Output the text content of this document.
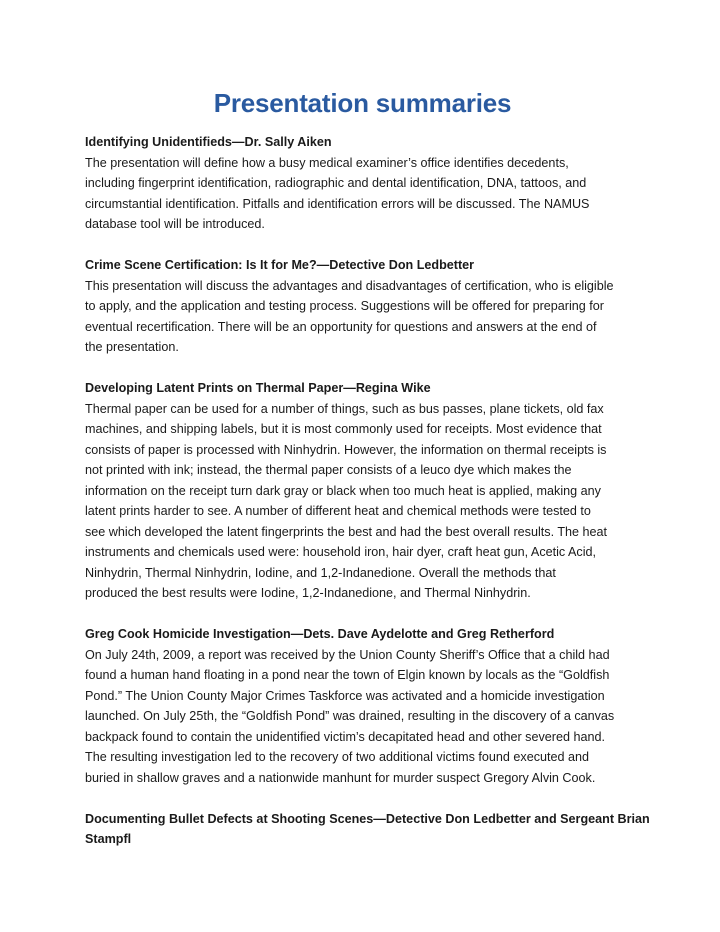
Presentation summaries
Identifying Unidentifieds—Dr. Sally Aiken
The presentation will define how a busy medical examiner’s office identifies decedents,
including fingerprint identification, radiographic and dental identification, DNA, tattoos, and
circumstantial identification. Pitfalls and identification errors will be discussed. The NAMUS
database tool will be introduced.
Crime Scene Certification: Is It for Me?—Detective Don Ledbetter
This presentation will discuss the advantages and disadvantages of certification, who is eligible
to apply, and the application and testing process. Suggestions will be offered for preparing for
eventual recertification. There will be an opportunity for questions and answers at the end of
the presentation.
Developing Latent Prints on Thermal Paper—Regina Wike
Thermal paper can be used for a number of things, such as bus passes, plane tickets, old fax
machines, and shipping labels, but it is most commonly used for receipts. Most evidence that
consists of paper is processed with Ninhydrin. However, the information on thermal receipts is
not printed with ink; instead, the thermal paper consists of a leuco dye which makes the
information on the receipt turn dark gray or black when too much heat is applied, making any
latent prints harder to see. A number of different heat and chemical methods were tested to
see which developed the latent fingerprints the best and had the best overall results. The heat
instruments and chemicals used were: household iron, hair dyer, craft heat gun, Acetic Acid,
Ninhydrin, Thermal Ninhydrin, Iodine, and 1,2-Indanedione. Overall the methods that
produced the best results were Iodine, 1,2-Indanedione, and Thermal Ninhydrin.
Greg Cook Homicide Investigation—Dets. Dave Aydelotte and Greg Retherford
On July 24th, 2009, a report was received by the Union County Sheriff’s Office that a child had
found a human hand floating in a pond near the town of Elgin known by locals as the “Goldfish
Pond.” The Union County Major Crimes Taskforce was activated and a homicide investigation
launched. On July 25th, the “Goldfish Pond” was drained, resulting in the discovery of a canvas
backpack found to contain the unidentified victim’s decapitated head and other severed hand.
The resulting investigation led to the recovery of two additional victims found executed and
buried in shallow graves and a nationwide manhunt for murder suspect Gregory Alvin Cook.
Documenting Bullet Defects at Shooting Scenes—Detective Don Ledbetter and Sergeant Brian
Stampfl
